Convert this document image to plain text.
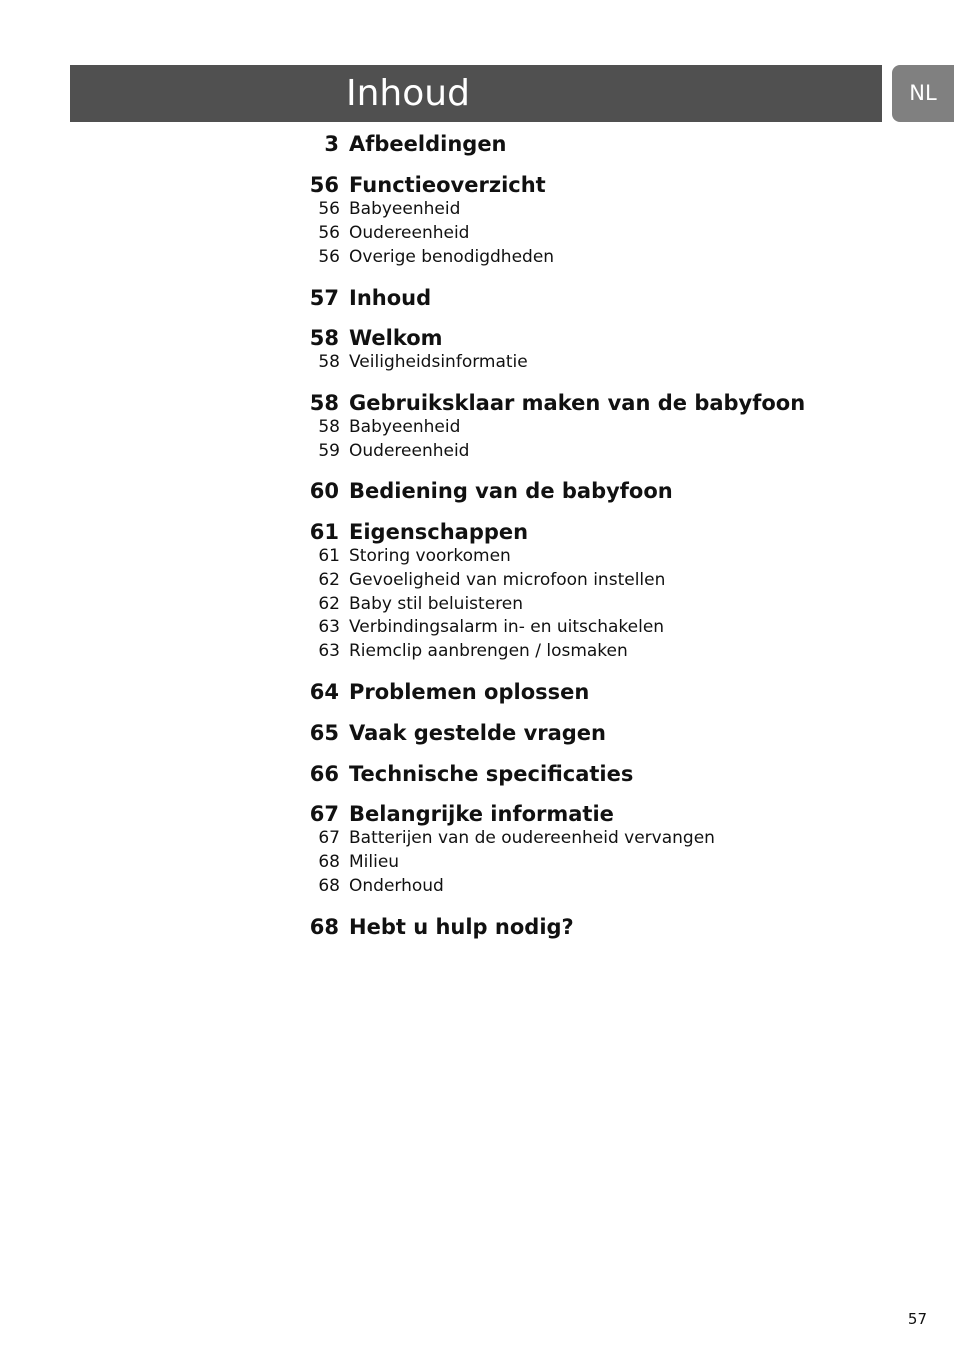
Inhoud	NL
3 Afbeeldingen
56 Functieoverzicht
56 Babyeenheid
56 Oudereenheid
56 Overige benodigdheden
57 Inhoud
58 Welkom
58 Veiligheidsinformatie
58 Gebruiksklaar maken van de babyfoon
58 Babyeenheid
59 Oudereenheid
60 Bediening van de babyfoon
61 Eigenschappen
61 Storing voorkomen
62 Gevoeligheid van microfoon instellen
62 Baby stil beluisteren
63 Verbindingsalarm in- en uitschakelen
63 Riemclip aanbrengen / losmaken
64 Problemen oplossen
65 Vaak gestelde vragen
66 Technische specificaties
67 Belangrijke informatie
67 Batterijen van de oudereenheid vervangen
68 Milieu
68 Onderhoud
68 Hebt u hulp nodig?
57
